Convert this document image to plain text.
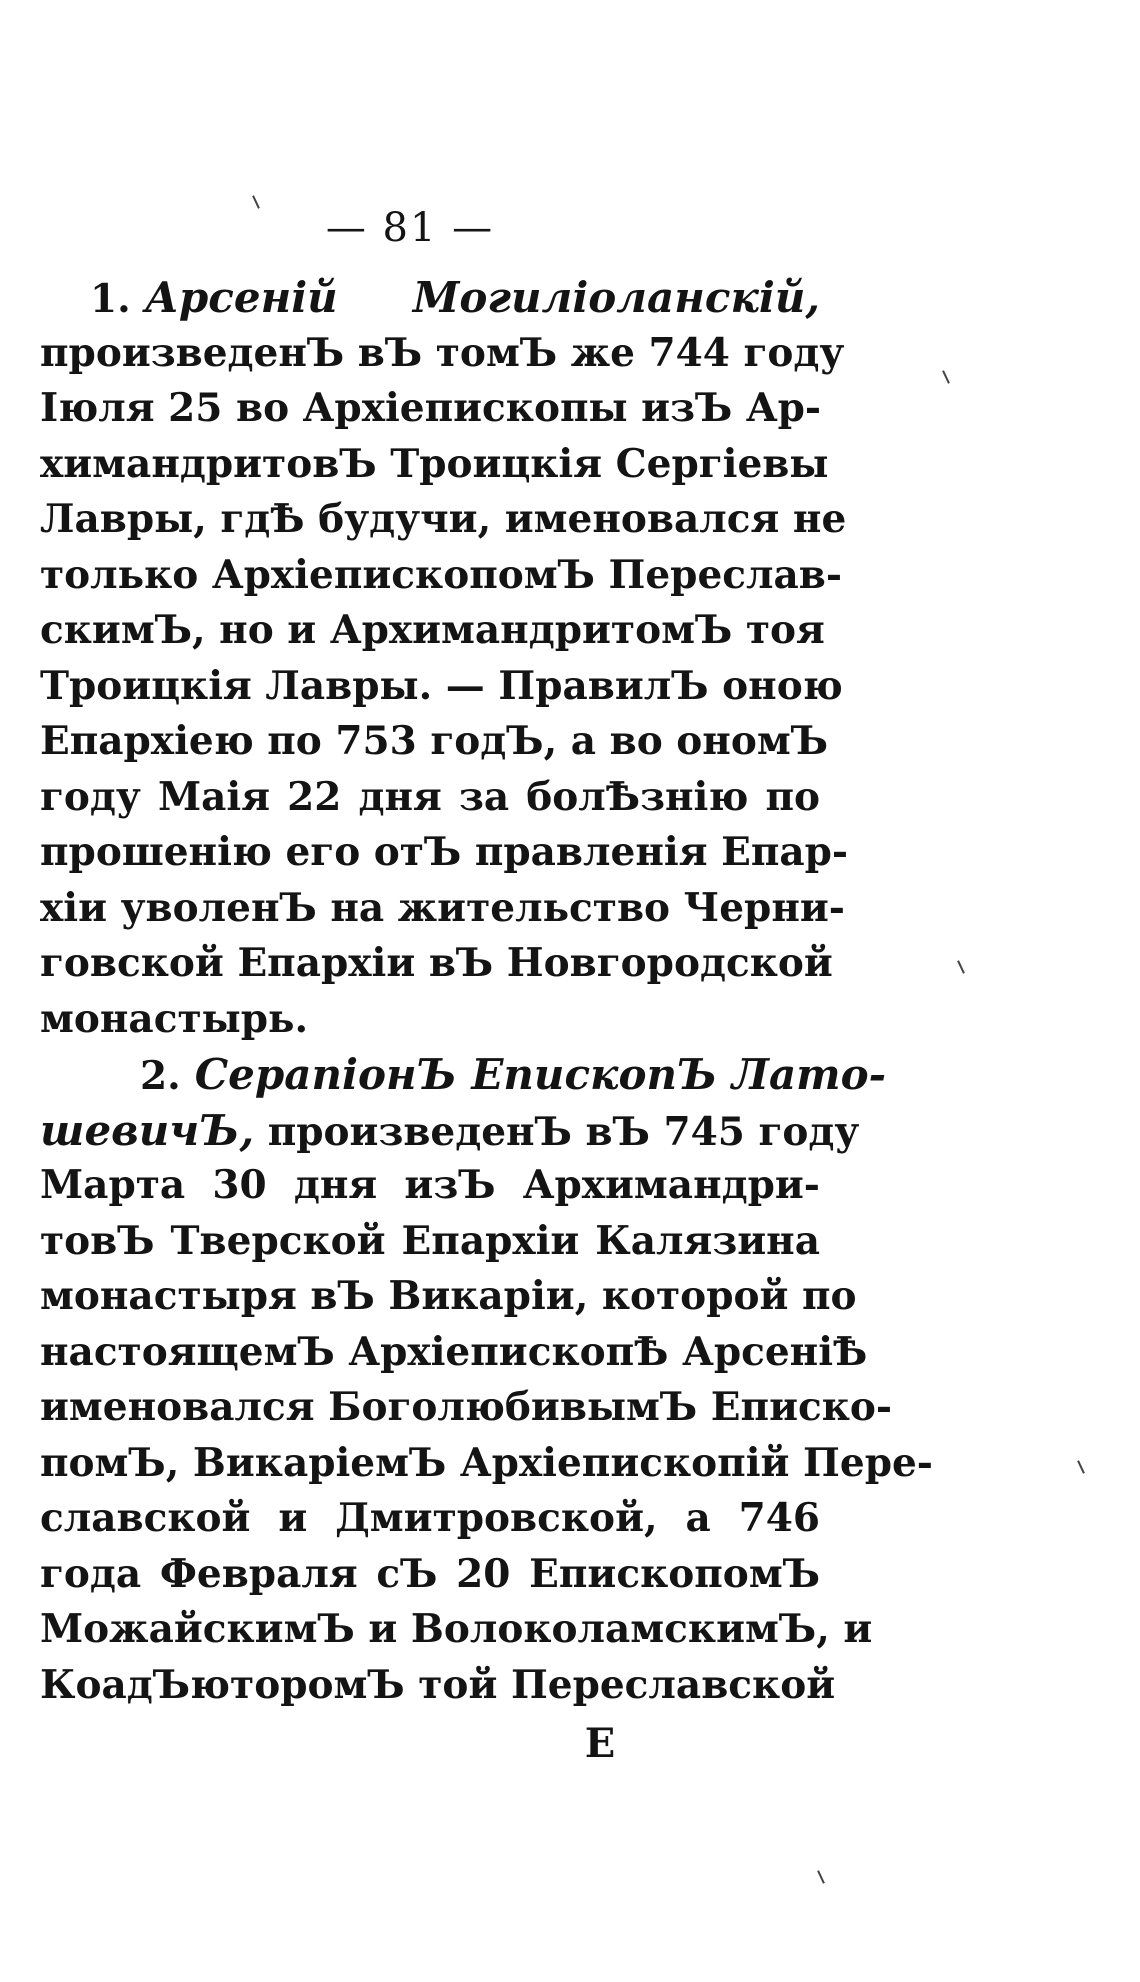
— 81 —
1. Арсеній Могиліоланскій,
произведенЪ вЪ томЪ же 744 году
Іюля 25 во Архіепископы изЪ Ар-
химандритовЪ Троицкія Сергіевы
Лавры, гдѢ будучи, именовался не
только АрхіепископомЪ Переслав-
скимЪ, но и АрхимандритомЪ тоя
Троицкія Лавры. — ПравилЪ оною
Епархіею по 753 годЪ, а во ономЪ
году Маія 22 дня за болѢзнію по
прошенію его отЪ правленія Епар-
хіи уволенЪ на жительство Черни-
говской Епархіи вЪ Новгородской
монастырь.
2. СерапіонЪ ЕпископЪ Лато-
шевичЪ, произведенЪ вЪ 745 году
Марта 30 дня изЪ Архимандри-
товЪ Тверской Епархіи Калязина
монастыря вЪ Викаріи, которой по
настоящемЪ АрхіепископѢ АрсеніѢ
именовался БоголюбивымЪ Еписко-
помЪ, ВикаріемЪ Архіепископій Пере-
славской и Дмитровской, а 746
года Февраля сЪ 20 ЕпископомЪ
МожайскимЪ и ВолоколамскимЪ, и
КоадЪюторомЪ той Переславской
Е
